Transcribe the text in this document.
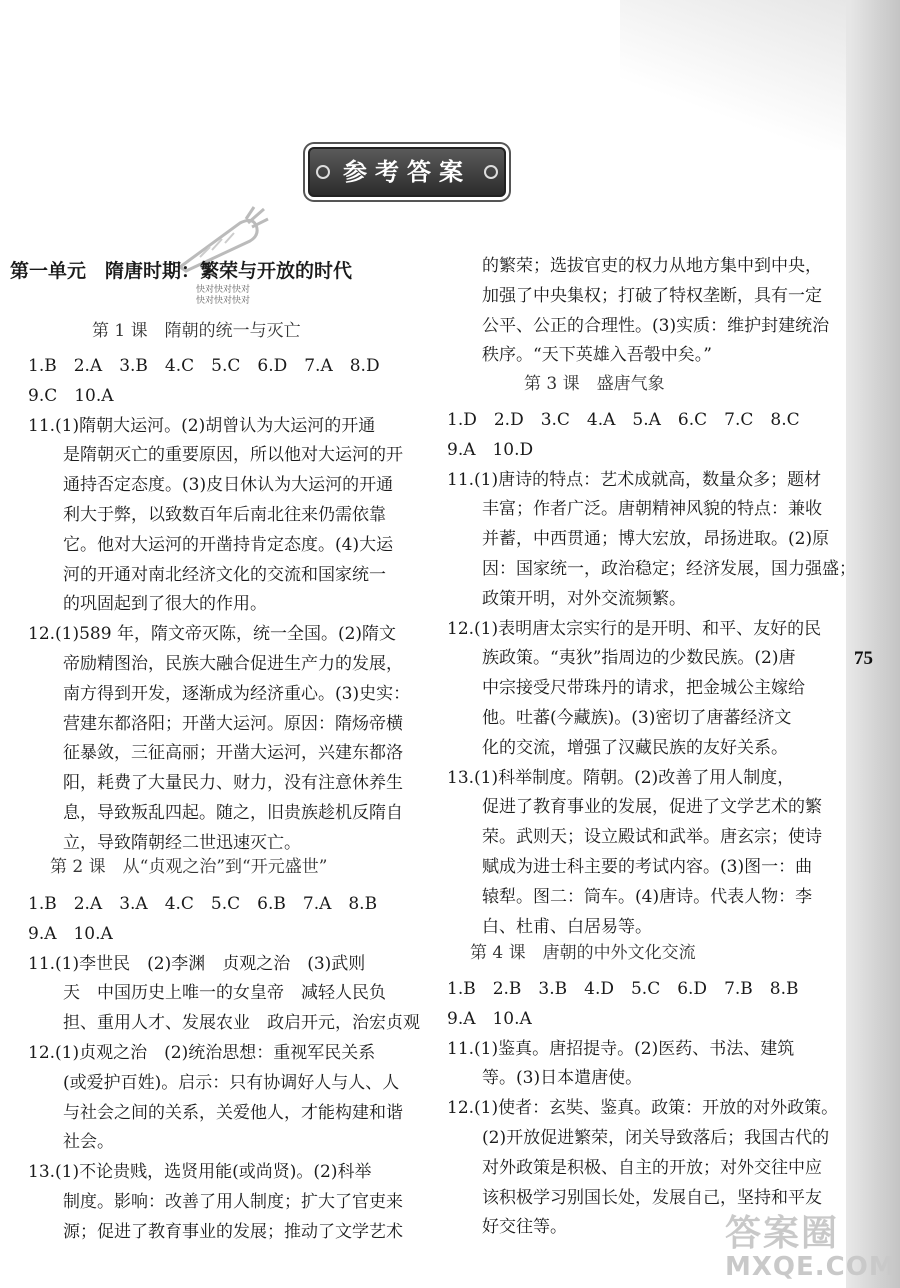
75
参考答案
第一单元　隋唐时期：繁荣与开放的时代
快对快对快对
快对快对快对
第 1 课　隋朝的统一与灭亡
1.B　2.A　3.B　4.C　5.C　6.D　7.A　8.D
9.C　10.A
11.(1)隋朝大运河。(2)胡曾认为大运河的开通
是隋朝灭亡的重要原因，所以他对大运河的开
通持否定态度。(3)皮日休认为大运河的开通
利大于弊，以致数百年后南北往来仍需依靠
它。他对大运河的开凿持肯定态度。(4)大运
河的开通对南北经济文化的交流和国家统一
的巩固起到了很大的作用。
12.(1)589 年，隋文帝灭陈，统一全国。(2)隋文
帝励精图治，民族大融合促进生产力的发展，
南方得到开发，逐渐成为经济重心。(3)史实：
营建东都洛阳；开凿大运河。原因：隋炀帝横
征暴敛，三征高丽；开凿大运河，兴建东都洛
阳，耗费了大量民力、财力，没有注意休养生
息，导致叛乱四起。随之，旧贵族趁机反隋自
立，导致隋朝经二世迅速灭亡。
第 2 课　从“贞观之治”到“开元盛世”
1.B　2.A　3.A　4.C　5.C　6.B　7.A　8.B
9.A　10.A
11.(1)李世民　(2)李渊　贞观之治　(3)武则
天　中国历史上唯一的女皇帝　减轻人民负
担、重用人才、发展农业　政启开元，治宏贞观
12.(1)贞观之治　(2)统治思想：重视军民关系
(或爱护百姓)。启示：只有协调好人与人、人
与社会之间的关系，关爱他人，才能构建和谐
社会。
13.(1)不论贵贱，选贤用能(或尚贤)。(2)科举
制度。影响：改善了用人制度；扩大了官吏来
源；促进了教育事业的发展；推动了文学艺术
的繁荣；选拔官吏的权力从地方集中到中央，
加强了中央集权；打破了特权垄断，具有一定
公平、公正的合理性。(3)实质：维护封建统治
秩序。“天下英雄入吾彀中矣。”
第 3 课　盛唐气象
1.D　2.D　3.C　4.A　5.A　6.C　7.C　8.C
9.A　10.D
11.(1)唐诗的特点：艺术成就高，数量众多；题材
丰富；作者广泛。唐朝精神风貌的特点：兼收
并蓄，中西贯通；博大宏放，昂扬进取。(2)原
因：国家统一，政治稳定；经济发展，国力强盛；
政策开明，对外交流频繁。
12.(1)表明唐太宗实行的是开明、和平、友好的民
族政策。“夷狄”指周边的少数民族。(2)唐
中宗接受尺带珠丹的请求，把金城公主嫁给
他。吐蕃(今藏族)。(3)密切了唐蕃经济文
化的交流，增强了汉藏民族的友好关系。
13.(1)科举制度。隋朝。(2)改善了用人制度，
促进了教育事业的发展，促进了文学艺术的繁
荣。武则天；设立殿试和武举。唐玄宗；使诗
赋成为进士科主要的考试内容。(3)图一：曲
辕犁。图二：筒车。(4)唐诗。代表人物：李
白、杜甫、白居易等。
第 4 课　唐朝的中外文化交流
1.B　2.B　3.B　4.D　5.C　6.D　7.B　8.B
9.A　10.A
11.(1)鉴真。唐招提寺。(2)医药、书法、建筑
等。(3)日本遣唐使。
12.(1)使者：玄奘、鉴真。政策：开放的对外政策。
(2)开放促进繁荣，闭关导致落后；我国古代的
对外政策是积极、自主的开放；对外交往中应
该积极学习别国长处，发展自己，坚持和平友
好交往等。	答案圈
MXQE.COM
